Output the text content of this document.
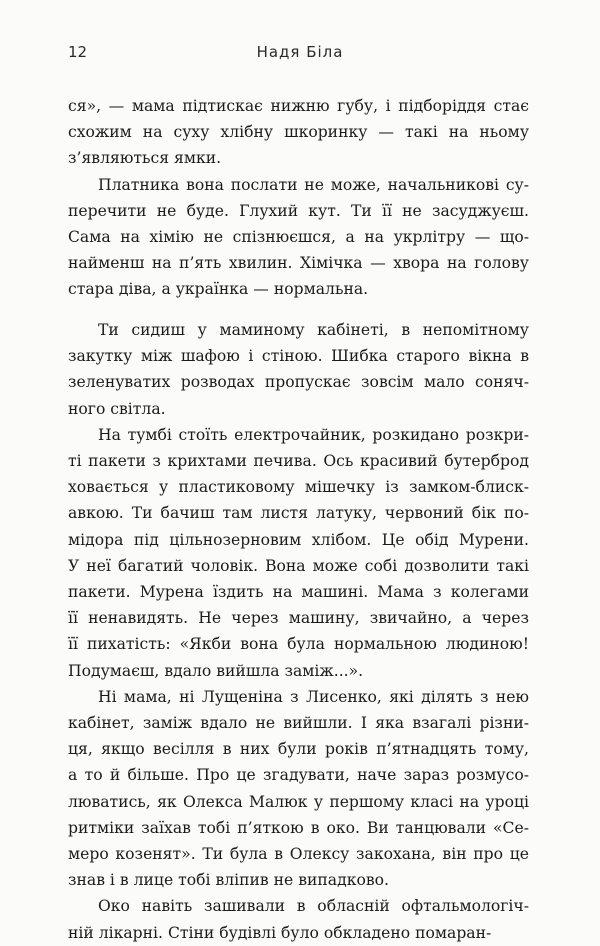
12	Надя Біла
ся», — мама підтискає нижню губу, і підборіддя стає
схожим на суху хлібну шкоринку — такі на ньому
з’являються ямки.
Платника вона послати не може, начальникові су-
перечити не буде. Глухий кут. Ти її не засуджуєш.
Сама на хімію не спізнюєшся, а на укрлітру — що-
найменш на п’ять хвилин. Хімічка — хвора на голову
стара діва, а українка — нормальна.
Ти сидиш у маминому кабінеті, в непомітному
закутку між шафою і стіною. Шибка старого вікна в
зеленуватих розводах пропускає зовсім мало соняч-
ного світла.
На тумбі стоїть електрочайник, розкидано розкри-
ті пакети з крихтами печива. Ось красивий бутерброд
ховається у пластиковому мішечку із замком-блиск-
авкою. Ти бачиш там листя латуку, червоний бік по-
мідора під цільнозерновим хлібом. Це обід Мурени.
У неї багатий чоловік. Вона може собі дозволити такі
пакети. Мурена їздить на машині. Мама з колегами
її ненавидять. Не через машину, звичайно, а через
її пихатість: «Якби вона була нормальною людиною!
Подумаєш, вдало вийшла заміж...».
Ні мама, ні Лущеніна з Лисенко, які ділять з нею
кабінет, заміж вдало не вийшли. І яка взагалі різни-
ця, якщо весілля в них були років п’ятнадцять тому,
а то й більше. Про це згадувати, наче зараз розмусо-
люватись, як Олекса Малюк у першому класі на уроці
ритміки заїхав тобі п’яткою в око. Ви танцювали «Се-
меро козенят». Ти була в Олексу закохана, він про це
знав і в лице тобі вліпив не випадково.
Око навіть зашивали в обласній офтальмологіч-
ній лікарні. Стіни будівлі було обкладено помаран-
